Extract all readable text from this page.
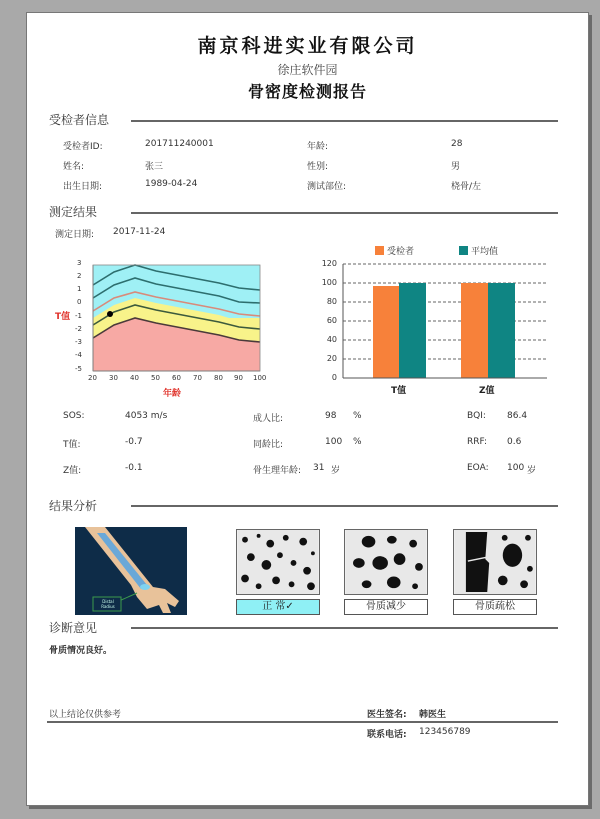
南京科进实业有限公司
徐庄软件园
骨密度检测报告
受检者信息
受检者ID:	201711240001	年龄:	28
姓名:	张三	性别:	男
出生日期:	1989-04-24	测试部位:	桡骨/左
测定结果
测定日期: 2017-11-24
3
2
1
0
-1
-2
-3
-4
-5
T值
20 30 40 50 60 70 80 90 100
年龄
受检者	平均值
120
100
80
60
40
20
0
T值	Z值
SOS:	4053 m/s	成人比:	98 %	BQI: 86.4
T值:	-0.7	同龄比:	100 %	RRF: 0.6
Z值:	-0.1	骨生理年龄: 31 岁	EOA: 100 岁
结果分析
Distal Radius	正 常✓	骨质减少	骨质疏松
诊断意见
骨质情况良好。
以上结论仅供参考	医生签名: 韩医生
联系电话: 123456789
